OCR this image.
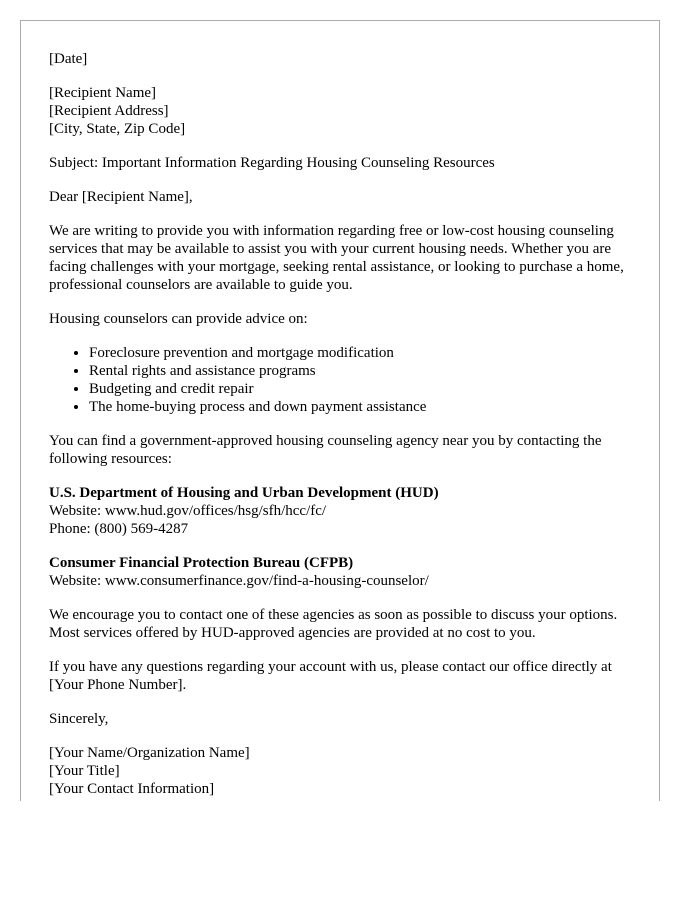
[Date]

[Recipient Name]
[Recipient Address]
[City, State, Zip Code]

Subject: Important Information Regarding Housing Counseling Resources

Dear [Recipient Name],

We are writing to provide you with information regarding free or low-cost housing counseling services that may be available to assist you with your current housing needs. Whether you are facing challenges with your mortgage, seeking rental assistance, or looking to purchase a home, professional counselors are available to guide you.

Housing counselors can provide advice on:

• Foreclosure prevention and mortgage modification
• Rental rights and assistance programs
• Budgeting and credit repair
• The home-buying process and down payment assistance

You can find a government-approved housing counseling agency near you by contacting the following resources:

U.S. Department of Housing and Urban Development (HUD)
Website: www.hud.gov/offices/hsg/sfh/hcc/fc/
Phone: (800) 569-4287

Consumer Financial Protection Bureau (CFPB)
Website: www.consumerfinance.gov/find-a-housing-counselor/

We encourage you to contact one of these agencies as soon as possible to discuss your options. Most services offered by HUD-approved agencies are provided at no cost to you.

If you have any questions regarding your account with us, please contact our office directly at [Your Phone Number].

Sincerely,

[Your Name/Organization Name]
[Your Title]
[Your Contact Information]
